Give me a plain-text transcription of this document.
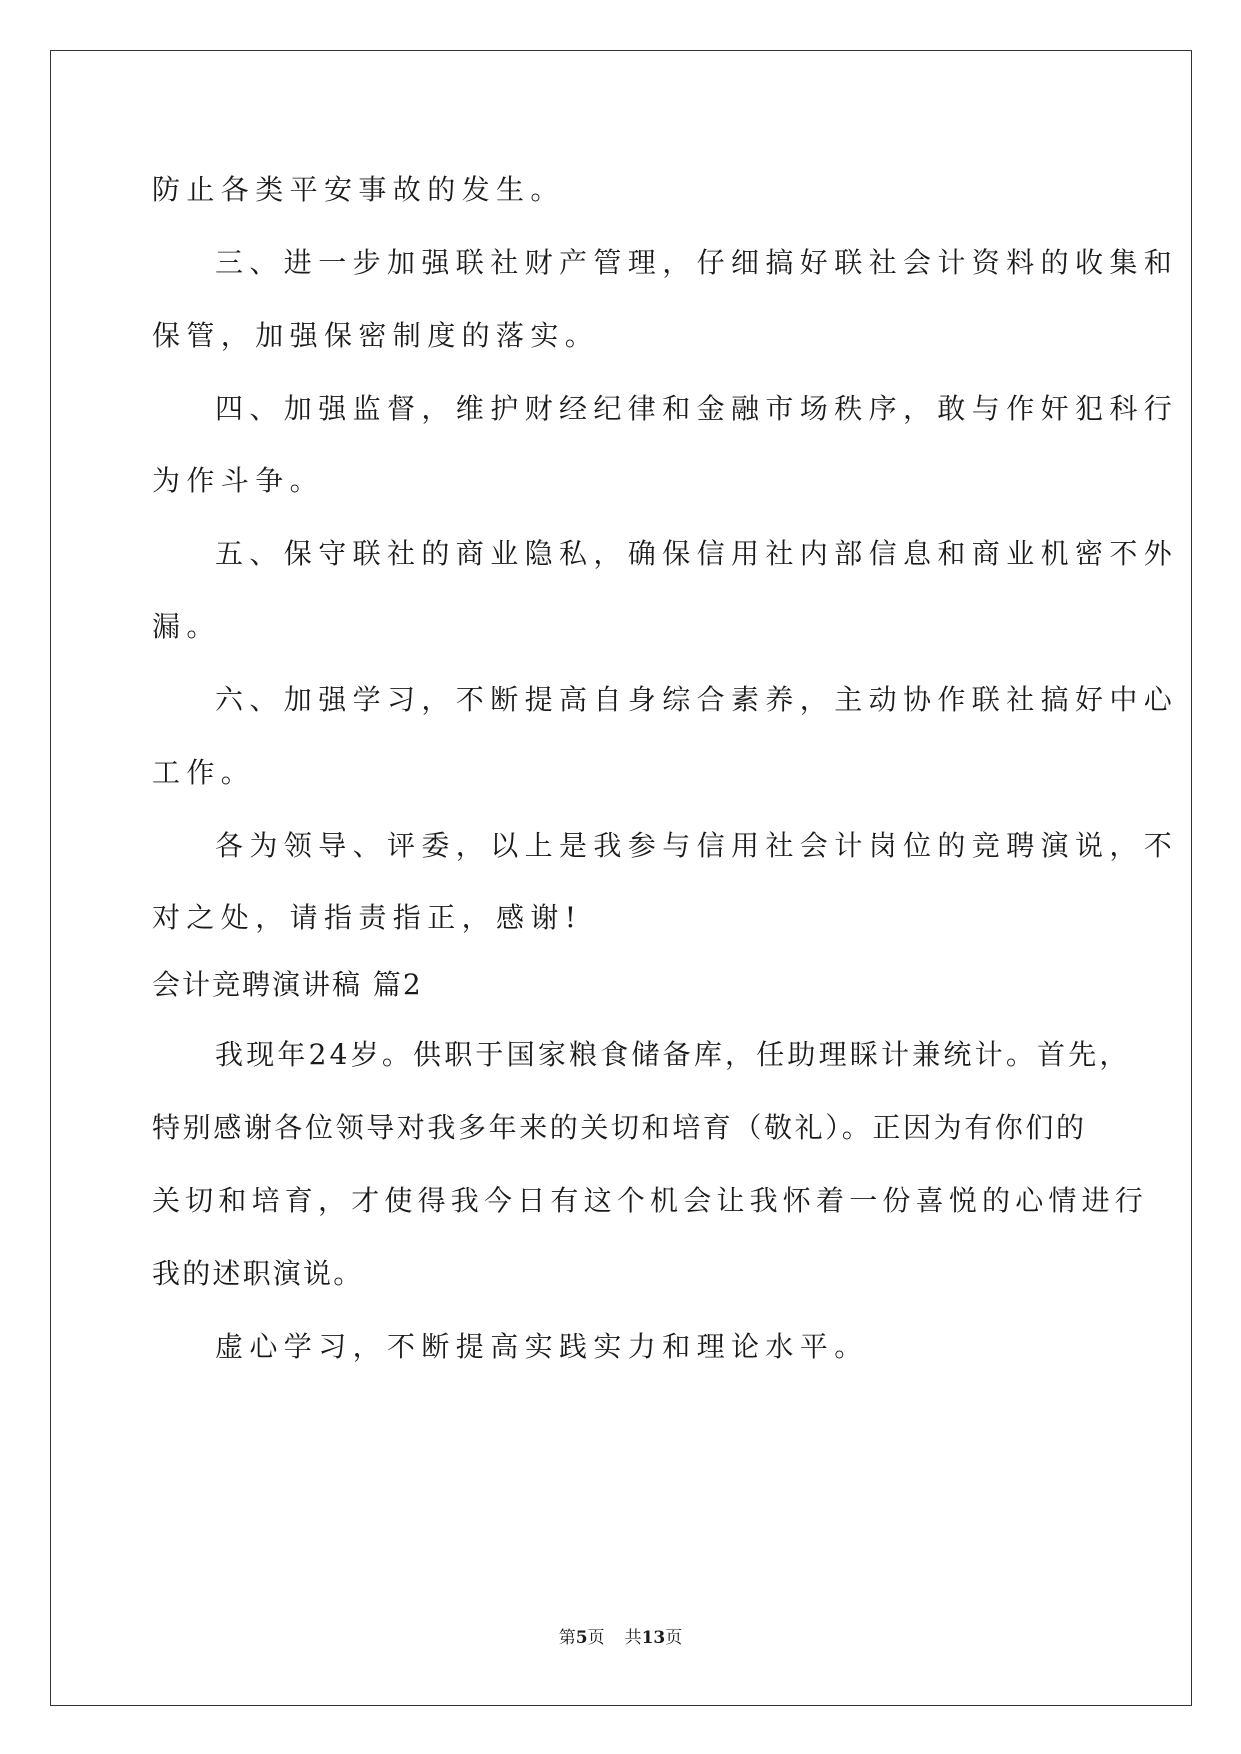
防止各类平安事故的发生。
三、进一步加强联社财产管理，仔细搞好联社会计资料的收集和
保管，加强保密制度的落实。
四、加强监督，维护财经纪律和金融市场秩序，敢与作奸犯科行
为作斗争。
五、保守联社的商业隐私，确保信用社内部信息和商业机密不外
漏。
六、加强学习，不断提高自身综合素养，主动协作联社搞好中心
工作。
各为领导、评委，以上是我参与信用社会计岗位的竞聘演说，不
对之处，请指责指正，感谢!
会计竞聘演讲稿 篇2
我现年24岁。供职于国家粮食储备库，任助理睬计兼统计。首先，
特别感谢各位领导对我多年来的关切和培育（敬礼）。正因为有你们的
关切和培育，才使得我今日有这个机会让我怀着一份喜悦的心情进行
我的述职演说。
虚心学习，不断提高实践实力和理论水平。
第5页 共13页
